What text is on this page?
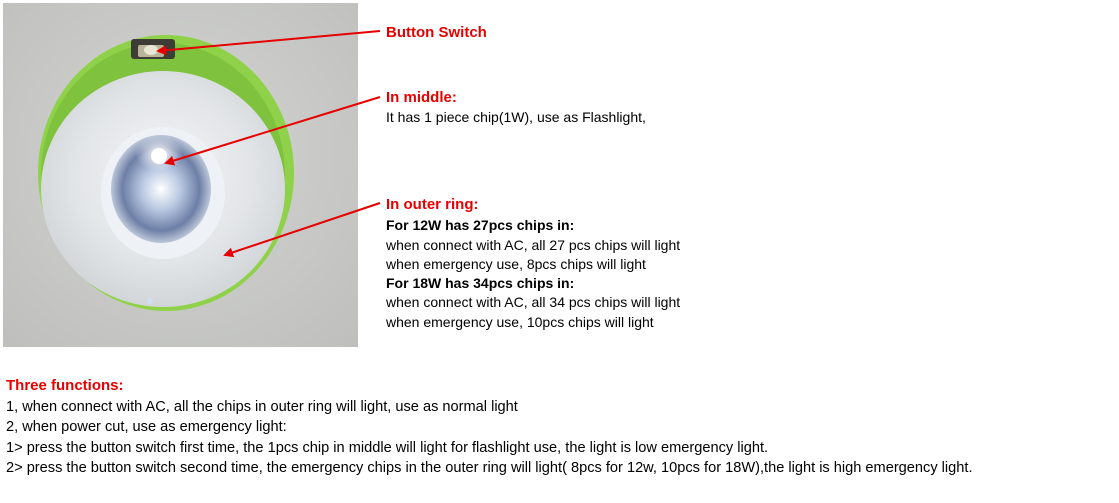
Button Switch
In middle:
It has 1 piece chip(1W), use as Flashlight,
In outer ring:
For 12W has 27pcs chips in:
when connect with AC, all 27 pcs chips will light
when emergency use, 8pcs chips will light
For 18W has 34pcs chips in:
when connect with AC, all 34 pcs chips will light
when emergency use, 10pcs chips will light
Three functions:
1, when connect with AC, all the chips in outer ring will light, use as normal light
2, when power cut, use as emergency light:
1> press the button switch first time, the 1pcs chip in middle will light for flashlight use, the light is low emergency light.
2> press the button switch second time, the emergency chips in the outer ring will light( 8pcs for 12w, 10pcs for 18W),the light is high emergency light.
